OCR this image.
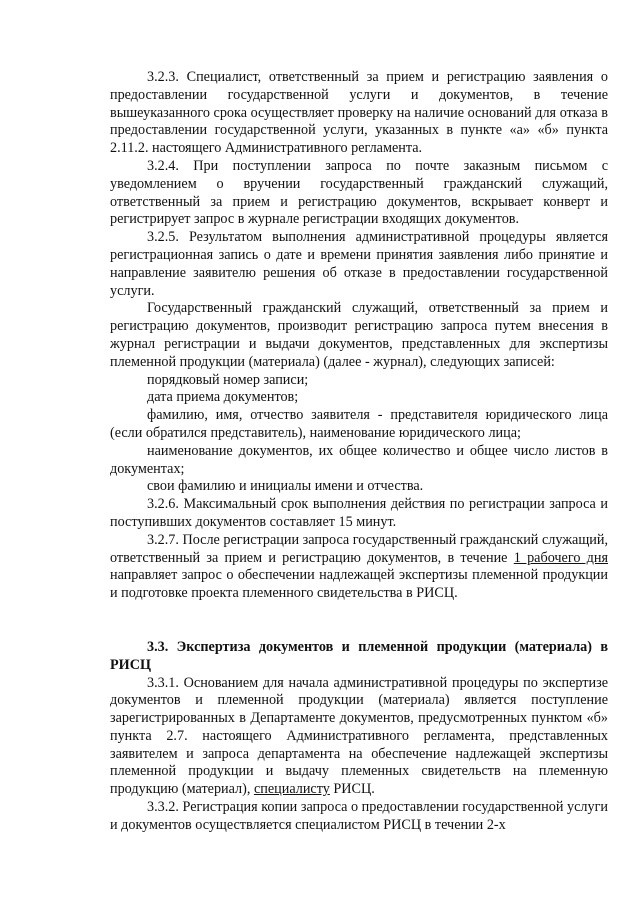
3.2.3. Специалист, ответственный за прием и регистрацию заявления о предоставлении государственной услуги и документов, в течение вышеуказанного срока осуществляет проверку на наличие оснований для отказа в предоставлении государственной услуги, указанных в пункте «а» «б» пункта 2.11.2. настоящего Административного регламента.

3.2.4. При поступлении запроса по почте заказным письмом с уведомлением о вручении государственный гражданский служащий, ответственный за прием и регистрацию документов, вскрывает конверт и регистрирует запрос в журнале регистрации входящих документов.

3.2.5. Результатом выполнения административной процедуры является регистрационная запись о дате и времени принятия заявления либо принятие и направление заявителю решения об отказе в предоставлении государственной услуги.

Государственный гражданский служащий, ответственный за прием и регистрацию документов, производит регистрацию запроса путем внесения в журнал регистрации и выдачи документов, представленных для экспертизы племенной продукции (материала) (далее - журнал), следующих записей:

порядковый номер записи;

дата приема документов;

фамилию, имя, отчество заявителя - представителя юридического лица (если обратился представитель), наименование юридического лица;

наименование документов, их общее количество и общее число листов в документах;

свои фамилию и инициалы имени и отчества.

3.2.6. Максимальный срок выполнения действия по регистрации запроса и поступивших документов составляет 15 минут.

3.2.7. После регистрации запроса государственный гражданский служащий, ответственный за прием и регистрацию документов, в течение 1 рабочего дня направляет запрос о обеспечении надлежащей экспертизы племенной продукции и подготовке проекта племенного свидетельства в РИСЦ.

3.3. Экспертиза документов и племенной продукции (материала) в РИСЦ

3.3.1. Основанием для начала административной процедуры по экспертизе документов и племенной продукции (материала) является поступление зарегистрированных в Департаменте документов, предусмотренных пунктом «б» пункта 2.7. настоящего Административного регламента, представленных заявителем и запроса департамента на обеспечение надлежащей экспертизы племенной продукции и выдачу племенных свидетельств на племенную продукцию (материал), специалисту РИСЦ.

3.3.2. Регистрация копии запроса о предоставлении государственной услуги и документов осуществляется специалистом РИСЦ в течении 2-х
